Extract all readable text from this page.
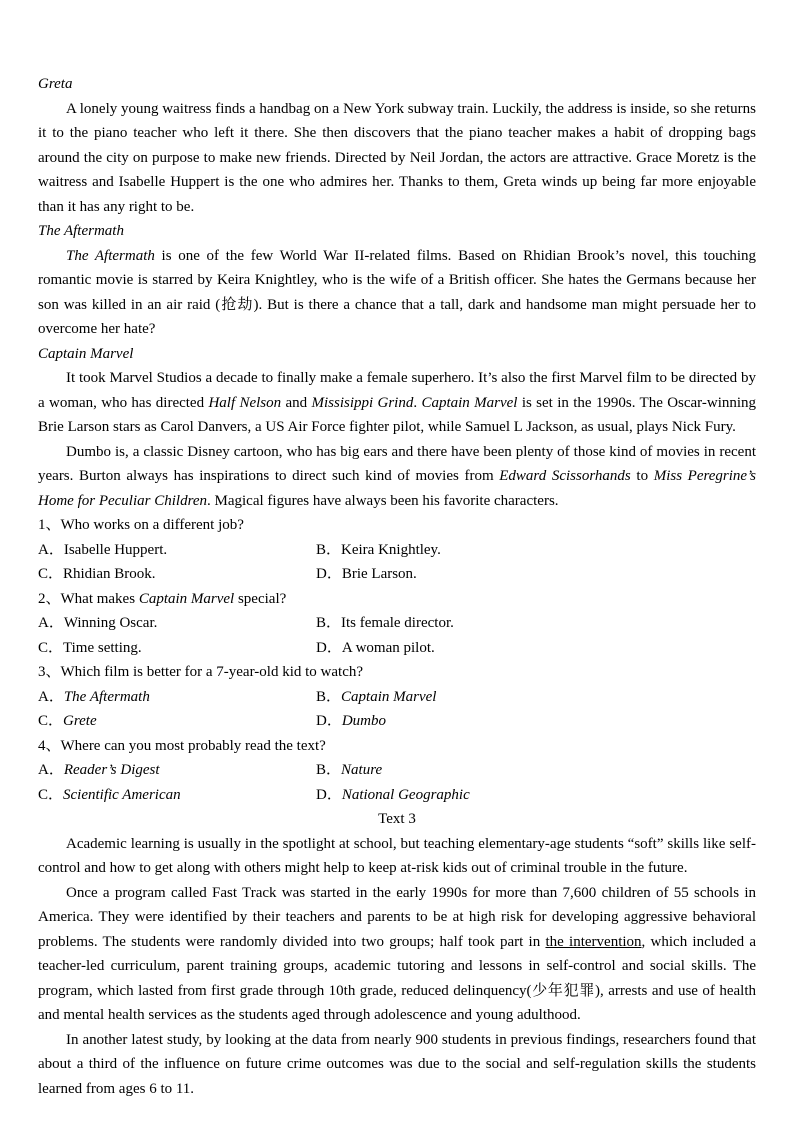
Greta

A lonely young waitress finds a handbag on a New York subway train. Luckily, the address is inside, so she returns it to the piano teacher who left it there. She then discovers that the piano teacher makes a habit of dropping bags around the city on purpose to make new friends. Directed by Neil Jordan, the actors are attractive. Grace Moretz is the waitress and Isabelle Huppert is the one who admires her. Thanks to them, Greta winds up being far more enjoyable than it has any right to be.

The Aftermath

The Aftermath is one of the few World War II-related films. Based on Rhidian Brook’s novel, this touching romantic movie is starred by Keira Knightley, who is the wife of a British officer. She hates the Germans because her son was killed in an air raid (抢劫). But is there a chance that a tall, dark and handsome man might persuade her to overcome her hate?

Captain Marvel

It took Marvel Studios a decade to finally make a female superhero. It’s also the first Marvel film to be directed by a woman, who has directed Half Nelson and Missisippi Grind. Captain Marvel is set in the 1990s. The Oscar-winning Brie Larson stars as Carol Danvers, a US Air Force fighter pilot, while Samuel L Jackson, as usual, plays Nick Fury.

Dumbo is, a classic Disney cartoon, who has big ears and there have been plenty of those kind of movies in recent years. Burton always has inspirations to direct such kind of movies from Edward Scissorhands to Miss Peregrine’s Home for Peculiar Children. Magical figures have always been his favorite characters.

1、Who works on a different job?

A．Isabelle Huppert.	B．Keira Knightley.
C．Rhidian Brook.	D．Brie Larson.

2、What makes Captain Marvel special?

A．Winning Oscar.	B．Its female director.
C．Time setting.	D．A woman pilot.

3、Which film is better for a 7-year-old kid to watch?

A．The Aftermath	B．Captain Marvel
C．Grete	D．Dumbo

4、Where can you most probably read the text?

A．Reader’s Digest	B．Nature
C．Scientific American	D．National Geographic

Text 3

Academic learning is usually in the spotlight at school, but teaching elementary-age students “soft” skills like self-control and how to get along with others might help to keep at-risk kids out of criminal trouble in the future.

Once a program called Fast Track was started in the early 1990s for more than 7,600 children of 55 schools in America. They were identified by their teachers and parents to be at high risk for developing aggressive behavioral problems. The students were randomly divided into two groups; half took part in the intervention, which included a teacher-led curriculum, parent training groups, academic tutoring and lessons in self-control and social skills. The program, which lasted from first grade through 10th grade, reduced delinquency(少年犯罪), arrests and use of health and mental health services as the students aged through adolescence and young adulthood.

In another latest study, by looking at the data from nearly 900 students in previous findings, researchers found that about a third of the influence on future crime outcomes was due to the social and self-regulation skills the students learned from ages 6 to 11.
